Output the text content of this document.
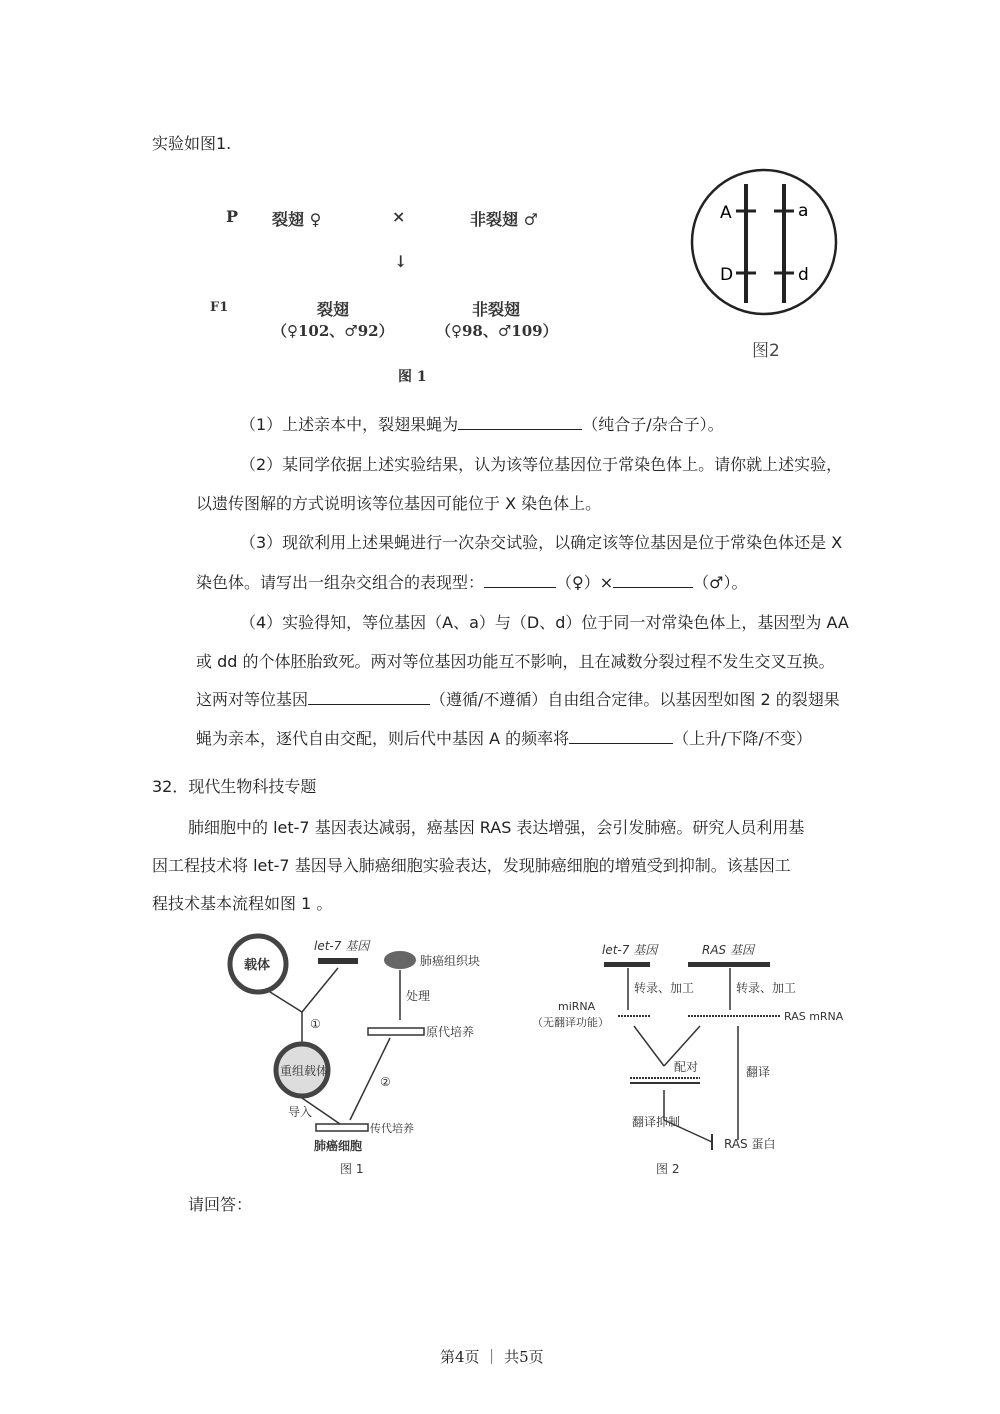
实验如图1.
P 裂翅 ♀	×	非裂翅 ♂
↓
F1	裂翅
（♀102、♂92）
非裂翅
（♀98、♂109）
图 1
A
D
a
d
图2
（1）上述亲本中，裂翅果蝇为	（纯合子/杂合子）。
（2）某同学依据上述实验结果，认为该等位基因位于常染色体上。请你就上述实验，
以遗传图解的方式说明该等位基因可能位于 X 染色体上。
（3）现欲利用上述果蝇进行一次杂交试验，以确定该等位基因是位于常染色体还是 X
染色体。请写出一组杂交组合的表现型：	（♀）×	（♂）。
（4）实验得知，等位基因（A、a）与（D、d）位于同一对常染色体上，基因型为 AA
或 dd 的个体胚胎致死。两对等位基因功能互不影响，且在减数分裂过程不发生交叉互换。
这两对等位基因	（遵循/不遵循）自由组合定律。以基因型如图 2 的裂翅果
蝇为亲本，逐代自由交配，则后代中基因 A 的频率将	（上升/下降/不变）
32．现代生物科技专题
肺细胞中的 let-7 基因表达减弱，癌基因 RAS 表达增强，会引发肺癌。研究人员利用基
因工程技术将 let-7 基因导入肺癌细胞实验表达，发现肺癌细胞的增殖受到抑制。该基因工
程技术基本流程如图 1 。
载体
let-7 基因
肺癌组织块
①
处理
原代培养
重组载体
②
导入
传代培养
肺癌细胞
图 1
let-7 基因	RAS 基因
转录、加工	转录、加工
miRNA
（无翻译功能）	RAS mRNA
配对	翻译
翻译抑制
RAS 蛋白
图 2
请回答：
第4页 ｜ 共5页
